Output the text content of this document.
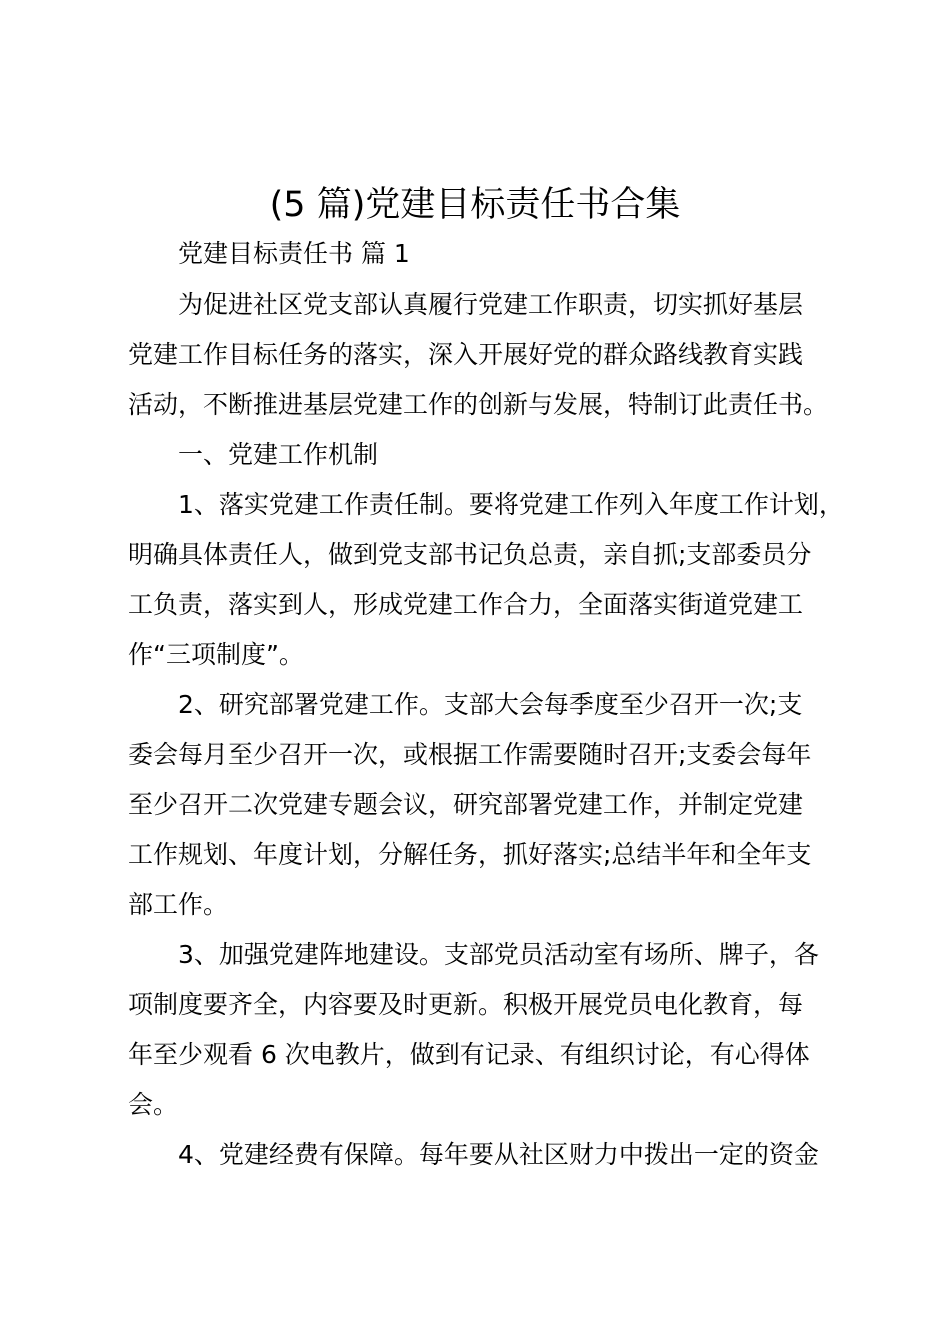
(5 篇)党建目标责任书合集
党建目标责任书 篇 1
为促进社区党支部认真履行党建工作职责，切实抓好基层
党建工作目标任务的落实，深入开展好党的群众路线教育实践
活动，不断推进基层党建工作的创新与发展，特制订此责任书。
一、党建工作机制
1、落实党建工作责任制。要将党建工作列入年度工作计划，
明确具体责任人，做到党支部书记负总责，亲自抓;支部委员分
工负责，落实到人，形成党建工作合力，全面落实街道党建工
作“三项制度”。
2、研究部署党建工作。支部大会每季度至少召开一次;支
委会每月至少召开一次，或根据工作需要随时召开;支委会每年
至少召开二次党建专题会议，研究部署党建工作，并制定党建
工作规划、年度计划，分解任务，抓好落实;总结半年和全年支
部工作。
3、加强党建阵地建设。支部党员活动室有场所、牌子，各
项制度要齐全，内容要及时更新。积极开展党员电化教育，每
年至少观看 6 次电教片，做到有记录、有组织讨论，有心得体
会。
4、党建经费有保障。每年要从社区财力中拨出一定的资金
